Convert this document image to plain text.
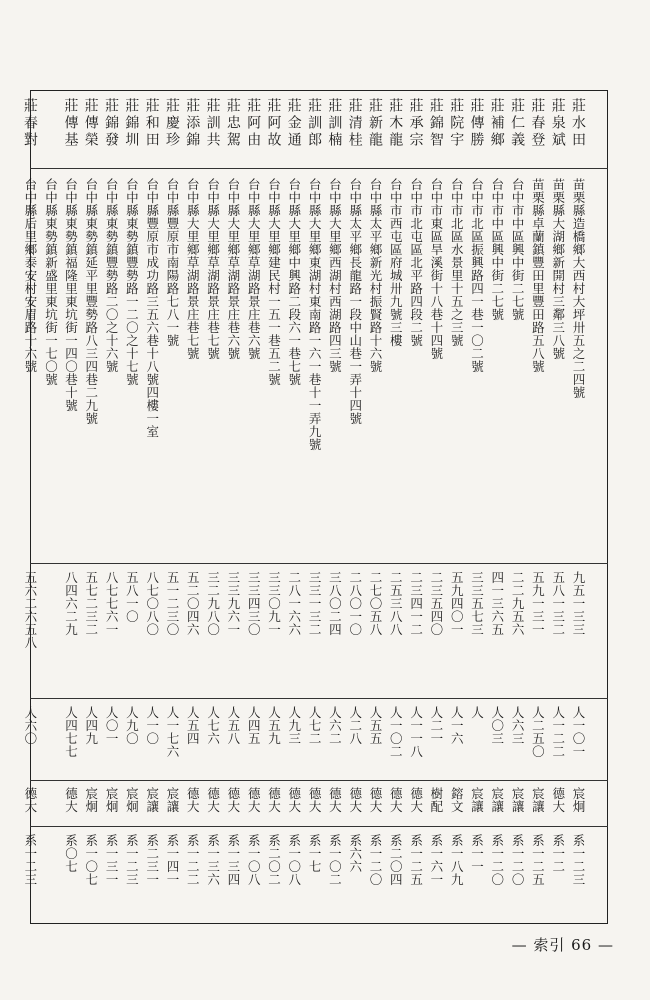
莊水田
苗栗縣造橋鄉大西村大坪卅五之二四號
九五一三三
人一〇一
宸炯
系一二三
莊泉斌
苗栗縣大湖鄉新開村三鄰三八號
五八一三二
人一二二
德大
系一二
莊春登
苗栗縣卓蘭鎮豐田里豐田路五八號
五九一三一
人二五〇
宸讓
系一二五
莊仁義
台中市中區興中街二七號
二二九五六
人六三
宸讓
系一二〇
莊補鄉
台中市中區興中街二七號
四一三六五
人〇三
宸讓
系一二〇
莊傳勝
台中市北區振興路四一巷一〇二號
三三五七三
人
宸讓
系一一
莊院宇
台中市北區水景里十五之三號
五九四〇一
人一六
鎔文
系一八九
莊錦智
台中市東區旱溪街十八巷十四號
二三五四〇
人二一
樹配
系一六一
莊承宗
台中市北屯區北平路四段二號
二三四一二
人一一八
德大
系一二五
莊木龍
台中市西屯區府城卅九號三樓
二五三八八
人一〇二
德大
系二〇四
莊新龍
台中縣太平鄉新光村振賢路十六號
二七〇五八
人五五
德大
系一二〇
莊清桂
台中縣太平鄉長龍路一段中山巷一弄十四號
二八〇一〇
人二八
德大
系六六
莊訓楠
台中縣大里鄉西湖村西湖路四三號
三八〇二四
人六二
德大
系一〇二
莊訓郎
台中縣大里鄉東湖村東南路一六一巷十一弄九號
三三一三二
人七二
德大
系一七
莊金通
台中縣大里鄉中興路二段六一巷七號
二八一六六
人九三
德大
系一〇八
莊阿故
台中縣大里鄉建民村一五一巷五二號
三三〇九一
人五九
德大
系二〇二
莊阿由
台中縣大里鄉草湖路景庄巷六號
三三四三〇
人四五
德大
系一〇八
莊忠駕
台中縣大里鄉草湖路景庄巷六號
三三九六一
人五八
德大
系一三四
莊訓共
台中縣大里鄉草湖路景庄巷七號
三二九八〇
人七六
德大
系一三六
莊添錦
台中縣大里鄉草湖路景庄巷七號
五二〇四六
人五四
德大
系一二二
莊慶珍
台中縣豐原市南陽路七八一號
五一二三〇
人一七六
宸讓
系一四一
莊和田
台中縣豐原市成功路三五六巷十八號四樓一室
八七〇八〇
人一〇
宸讓
系二三一
莊錦圳
台中縣東勢鎮豐勢路一二〇之十七號
五八一〇
人九〇
宸炯
系一二三
莊錦發
台中縣東勢鎮豐勢路二〇之十六號
八七七六一
人〇一
宸炯
系一三一
莊傳榮
台中縣東勢鎮延平里豐勢路八三四巷二九號
五七二三二
人四九
宸炯
系一〇七
莊傳基
台中縣東勢鎮福隆里東坑街一四〇巷十號
台中縣東勢鎮新盛里東坑街一七〇號
八四六二九
人四七七
德大
系〇七
莊春對
台中縣后里鄉泰安村安眉路十六號
五六二六五八
人六〇
德大
系一二三
— 索引 66 —
